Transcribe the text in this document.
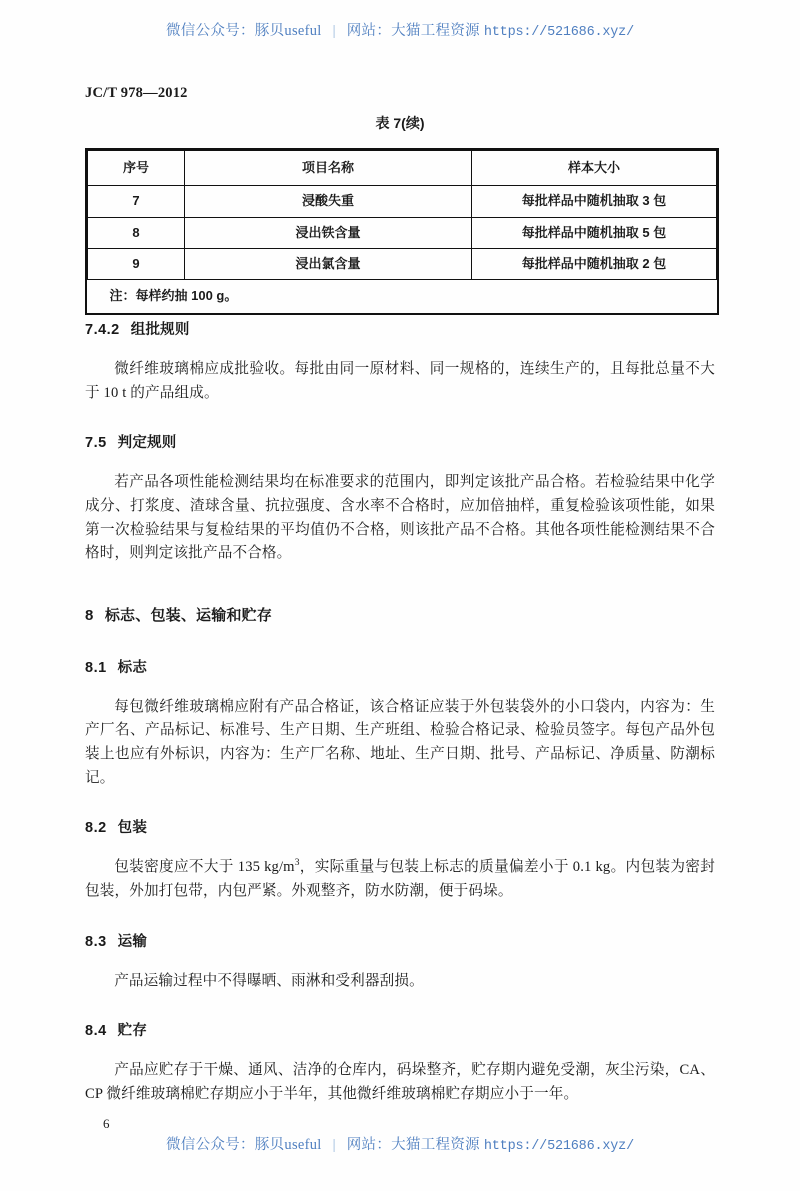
微信公众号：豚贝useful | 网站：大猫工程资源 https://521686.xyz/
JC/T 978—2012
表 7(续)
序号	项目名称	样本大小
7	浸酸失重	每批样品中随机抽取 3 包
8	浸出铁含量	每批样品中随机抽取 5 包
9	浸出氯含量	每批样品中随机抽取 2 包
注：每样约抽 100 g。		
7.4.2 组批规则

微纤维玻璃棉应成批验收。每批由同一原材料、同一规格的，连续生产的，且每批总量不大于 10 t 的产品组成。

7.5 判定规则

若产品各项性能检测结果均在标准要求的范围内，即判定该批产品合格。若检验结果中化学成分、打浆度、渣球含量、抗拉强度、含水率不合格时，应加倍抽样，重复检验该项性能，如果第一次检验结果与复检结果的平均值仍不合格，则该批产品不合格。其他各项性能检测结果不合格时，则判定该批产品不合格。

8 标志、包装、运输和贮存
8.1 标志

每包微纤维玻璃棉应附有产品合格证，该合格证应装于外包装袋外的小口袋内，内容为：生产厂名、产品标记、标准号、生产日期、生产班组、检验合格记录、检验员签字。每包产品外包装上也应有外标识，内容为：生产厂名称、地址、生产日期、批号、产品标记、净质量、防潮标记。

8.2 包装

包装密度应不大于 135 $kg/m^3$，实际重量与包装上标志的质量偏差小于 0.1 kg。内包装为密封包装，外加打包带，内包严紧。外观整齐，防水防潮，便于码垛。

8.3 运输

产品运输过程中不得曝晒、雨淋和受利器刮损。

8.4 贮存

产品应贮存于干燥、通风、洁净的仓库内，码垛整齐，贮存期内避免受潮，灰尘污染，CA、CP 微纤维玻璃棉贮存期应小于半年，其他微纤维玻璃棉贮存期应小于一年。

6
微信公众号：豚贝useful | 网站：大猫工程资源 https://521686.xyz/
